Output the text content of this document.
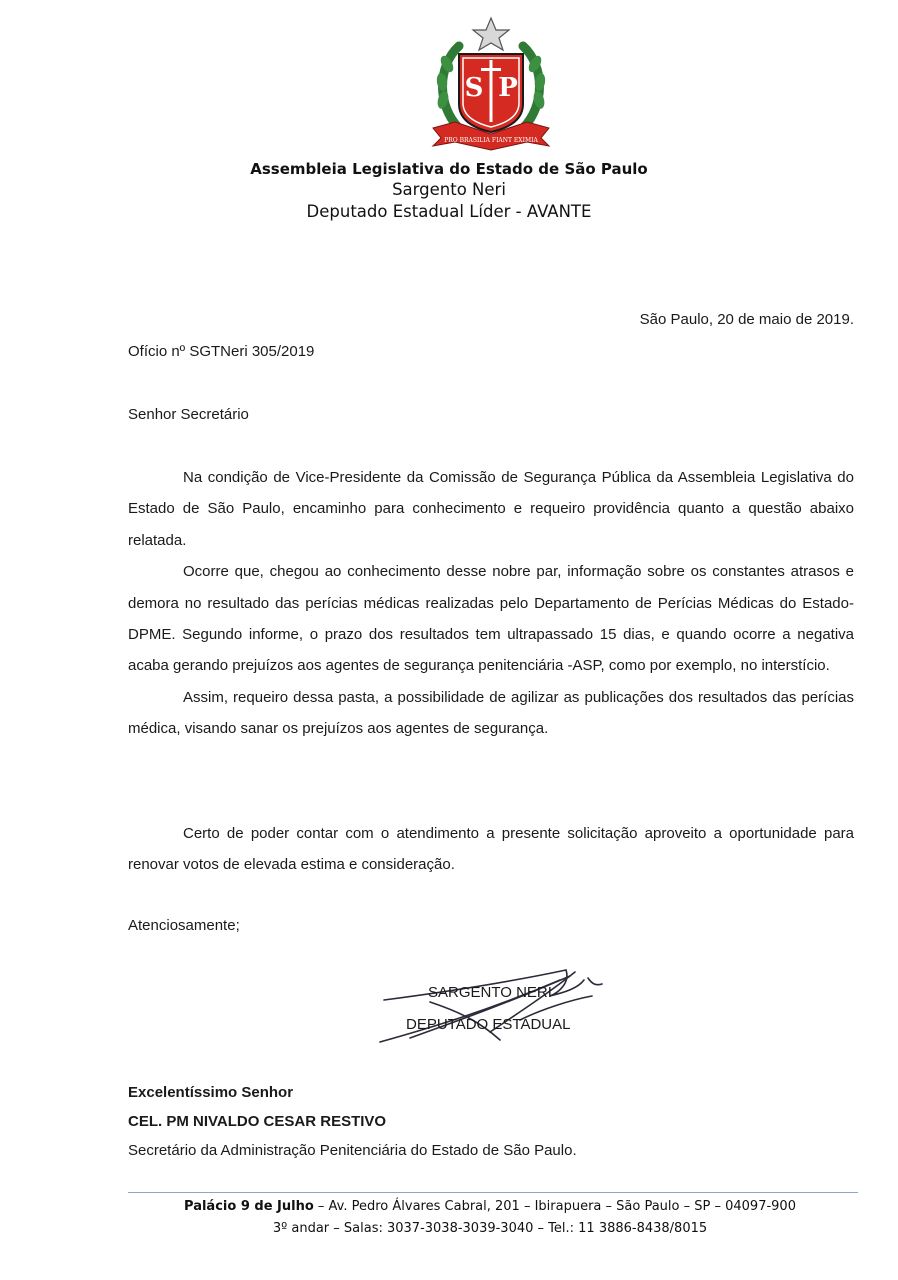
S P
PRO BRASILIA FIANT EXIMIA
Assembleia Legislativa do Estado de São Paulo
Sargento Neri
Deputado Estadual Líder - AVANTE
São Paulo, 20 de maio de 2019.
Ofício nº SGTNeri 305/2019
Senhor Secretário

Na condição de Vice-Presidente da Comissão de Segurança Pública da Assembleia Legislativa do Estado de São Paulo, encaminho para conhecimento e requeiro providência quanto a questão abaixo relatada.

Ocorre que, chegou ao conhecimento desse nobre par, informação sobre os constantes atrasos e demora no resultado das perícias médicas realizadas pelo Departamento de Perícias Médicas do Estado- DPME. Segundo informe, o prazo dos resultados tem ultrapassado 15 dias, e quando ocorre a negativa acaba gerando prejuízos aos agentes de segurança penitenciária -ASP, como por exemplo, no interstício.

Assim, requeiro dessa pasta, a possibilidade de agilizar as publicações dos resultados das perícias médica, visando sanar os prejuízos aos agentes de segurança.

Certo de poder contar com o atendimento a presente solicitação aproveito a oportunidade para renovar votos de elevada estima e consideração.

Atenciosamente;
SARGENTO NERI
DEPUTADO ESTADUAL
Excelentíssimo Senhor
CEL. PM NIVALDO CESAR RESTIVO
Secretário da Administração Penitenciária do Estado de São Paulo.
Palácio 9 de Julho – Av. Pedro Álvares Cabral, 201 – Ibirapuera – São Paulo – SP – 04097-900
3º andar – Salas: 3037-3038-3039-3040 – Tel.: 11 3886-8438/8015
